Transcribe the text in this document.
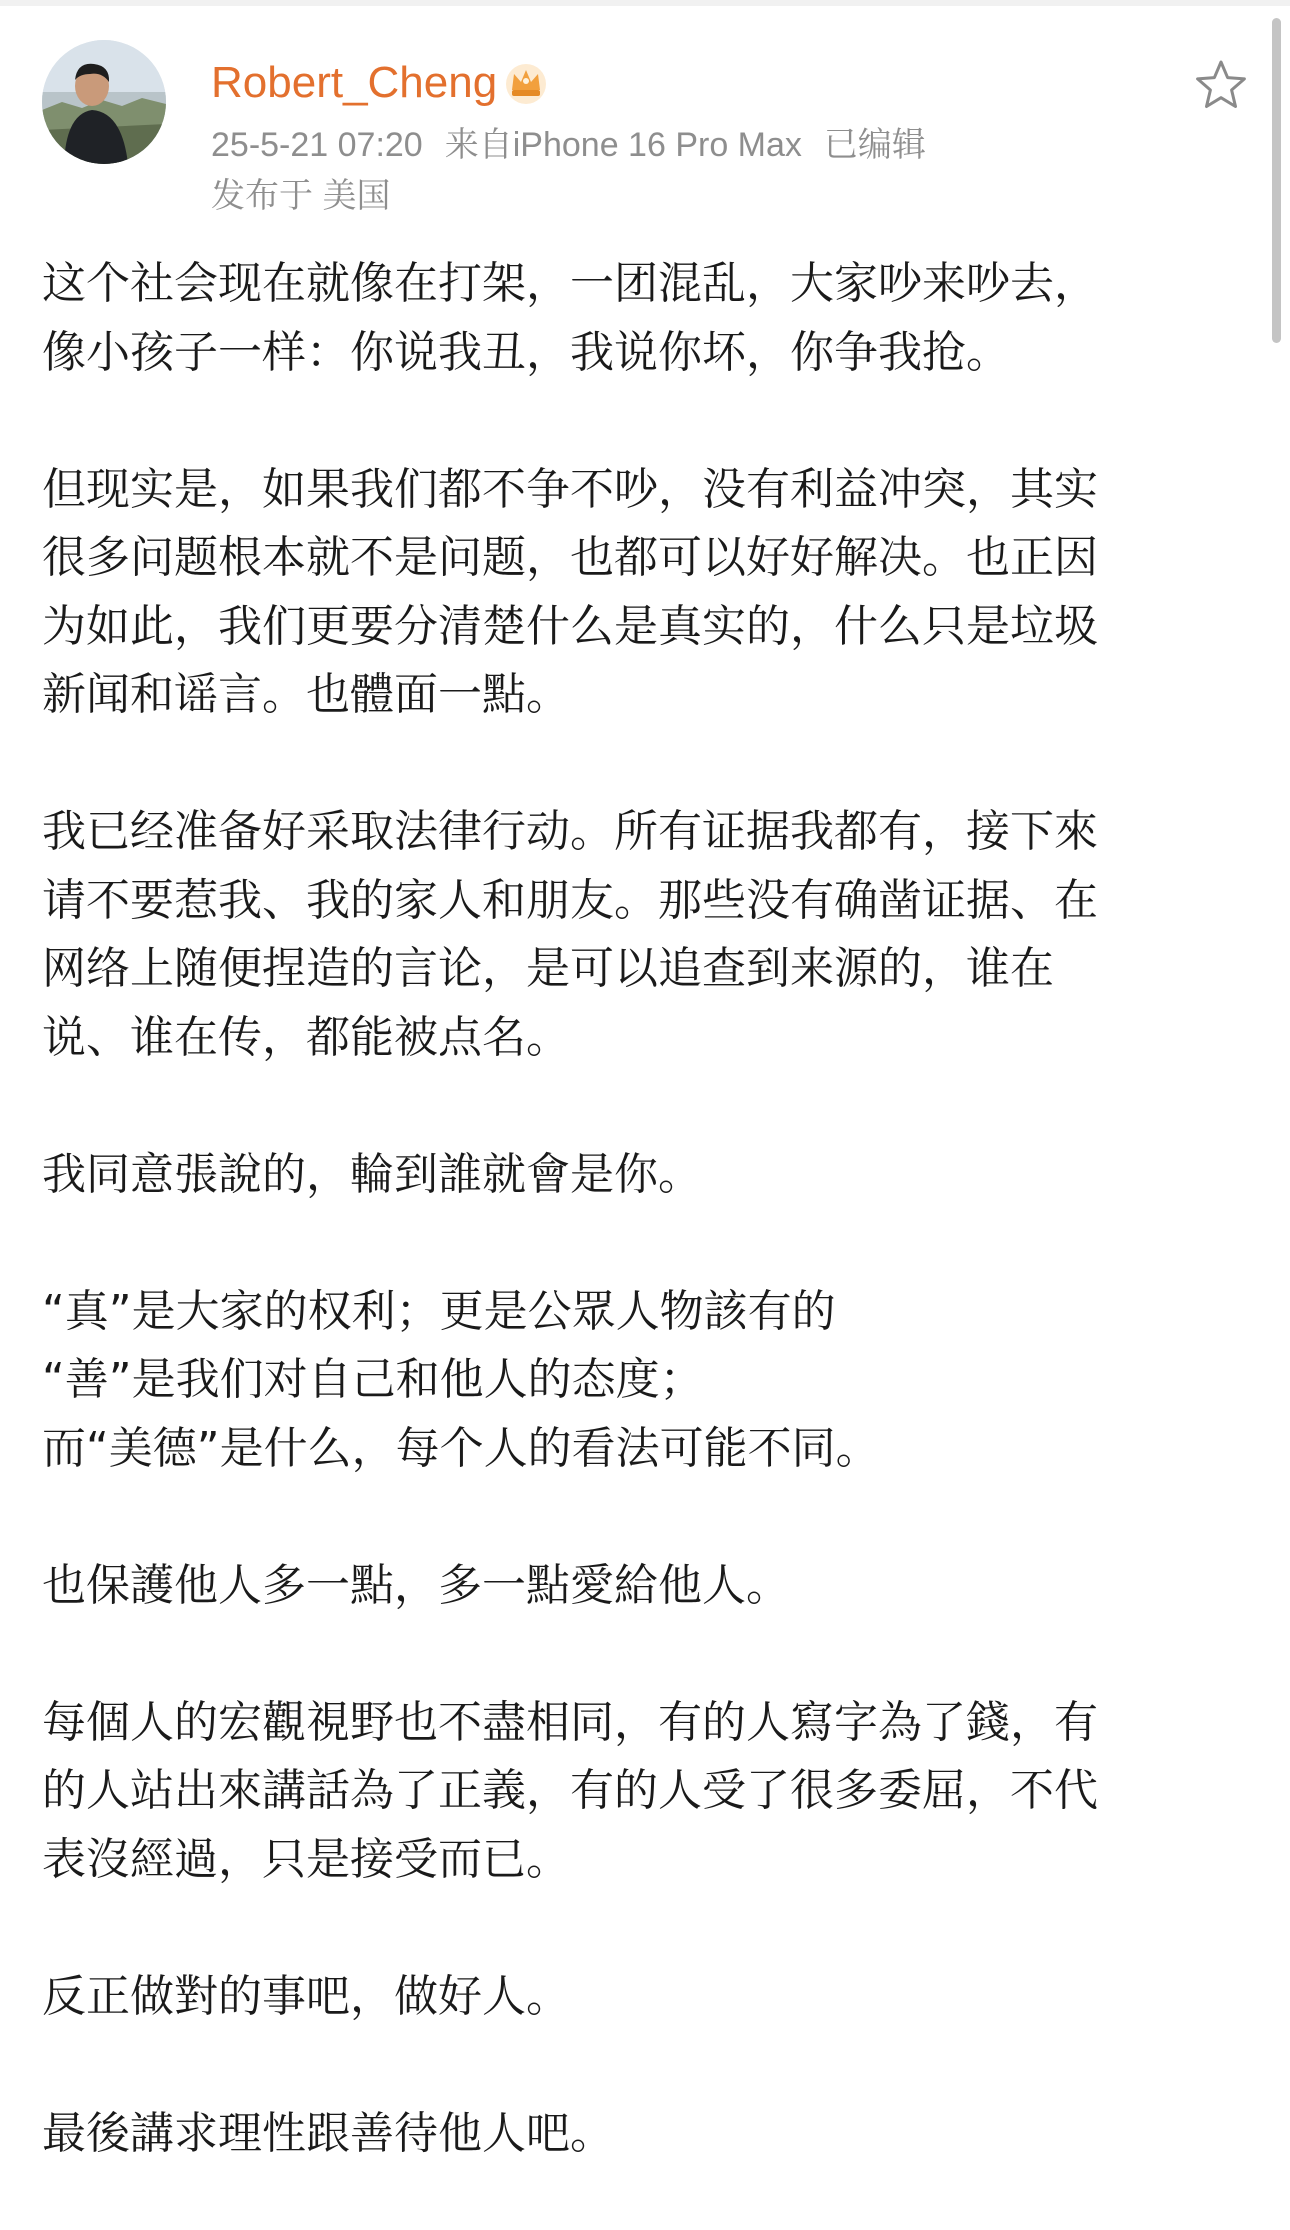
Robert_Cheng
25-5-21 07:20 来自iPhone 16 Pro Max 已编辑
发布于 美国

这个社会现在就像在打架，一团混乱，大家吵来吵去，
像小孩子一样：你说我丑，我说你坏，你争我抢。

但现实是，如果我们都不争不吵，没有利益冲突，其实
很多问题根本就不是问题，也都可以好好解决。也正因
为如此，我们更要分清楚什么是真实的，什么只是垃圾
新闻和谣言。也體面一點。

我已经准备好采取法律行动。所有证据我都有，接下來
请不要惹我、我的家人和朋友。那些没有确凿证据、在
网络上随便捏造的言论，是可以追查到来源的，谁在
说、谁在传，都能被点名。

我同意張說的，輪到誰就會是你。

“真”是大家的权利；更是公眾人物該有的
“善”是我们对自己和他人的态度；
而“美德”是什么，每个人的看法可能不同。

也保護他人多一點，多一點愛給他人。

每個人的宏觀視野也不盡相同，有的人寫字為了錢，有
的人站出來講話為了正義，有的人受了很多委屈，不代
表沒經過，只是接受而已。

反正做對的事吧，做好人。

最後講求理性跟善待他人吧。
